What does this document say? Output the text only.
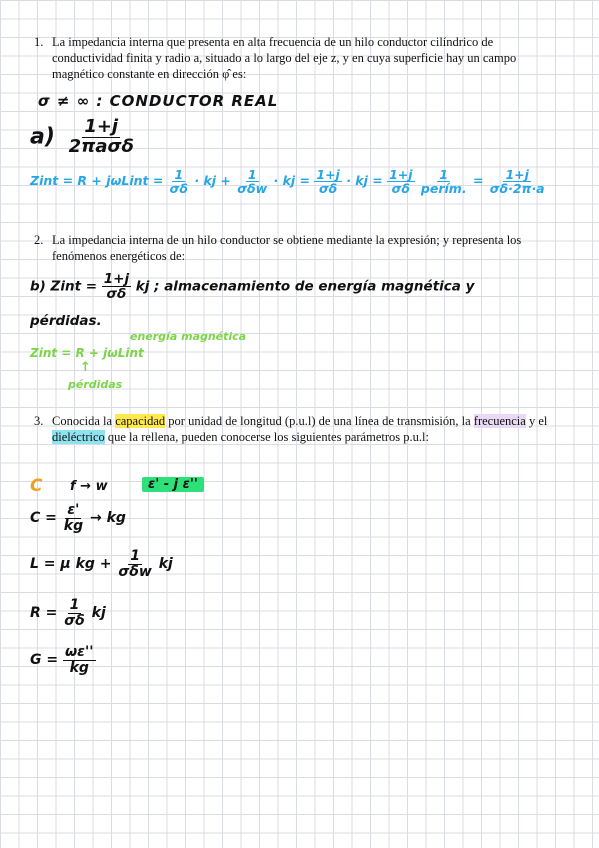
1. La impedancia interna que presenta en alta frecuencia de un hilo conductor cilíndrico de conductividad finita y radio a, situado a lo largo del eje z, y en cuya superficie hay un campo magnético constante en dirección φ̂ es:
σ ≠ ∞ : CONDUCTOR REAL
$a) \frac{1+j}{\text{2πaσδ}}$
Zint = R + jωLint = $\frac{1}{\sigma\delta}$ · kj + $\frac{1}{\text{σδw}}$ · kj = $\frac{1+j}{\sigma\delta}$ · kj = $\frac{1+j}{\sigma\delta}$
$\frac{1}{\text{perím.}} = \frac{1+j}{\sigma\delta\cdot 2\pi\cdot a}$
2. La impedancia interna de un hilo conductor se obtiene mediante la expresión; y representa los fenómenos energéticos de:
b) Zint = $\frac{1+j}{\sigma\delta}$ kj ; almacenamiento de energía magnética y
pérdidas.
energía magnética
Zint = R + jωLint
↑
pérdidas
3. Conocida la capacidad por unidad de longitud (p.u.l) de una línea de transmisión, la frecuencia y el dieléctrico que la rellena, pueden conocerse los siguientes parámetros p.u.l:
C f → w	ε' - j ε''
$C = \frac{\varepsilon'}{kg}$ → kg
L = μ kg + $\frac{1}{\text{σδw}}$ kj
$R = \frac{1}{\sigma\delta}$ kj
$G = \frac{\omega\varepsilon''}{kg}$
